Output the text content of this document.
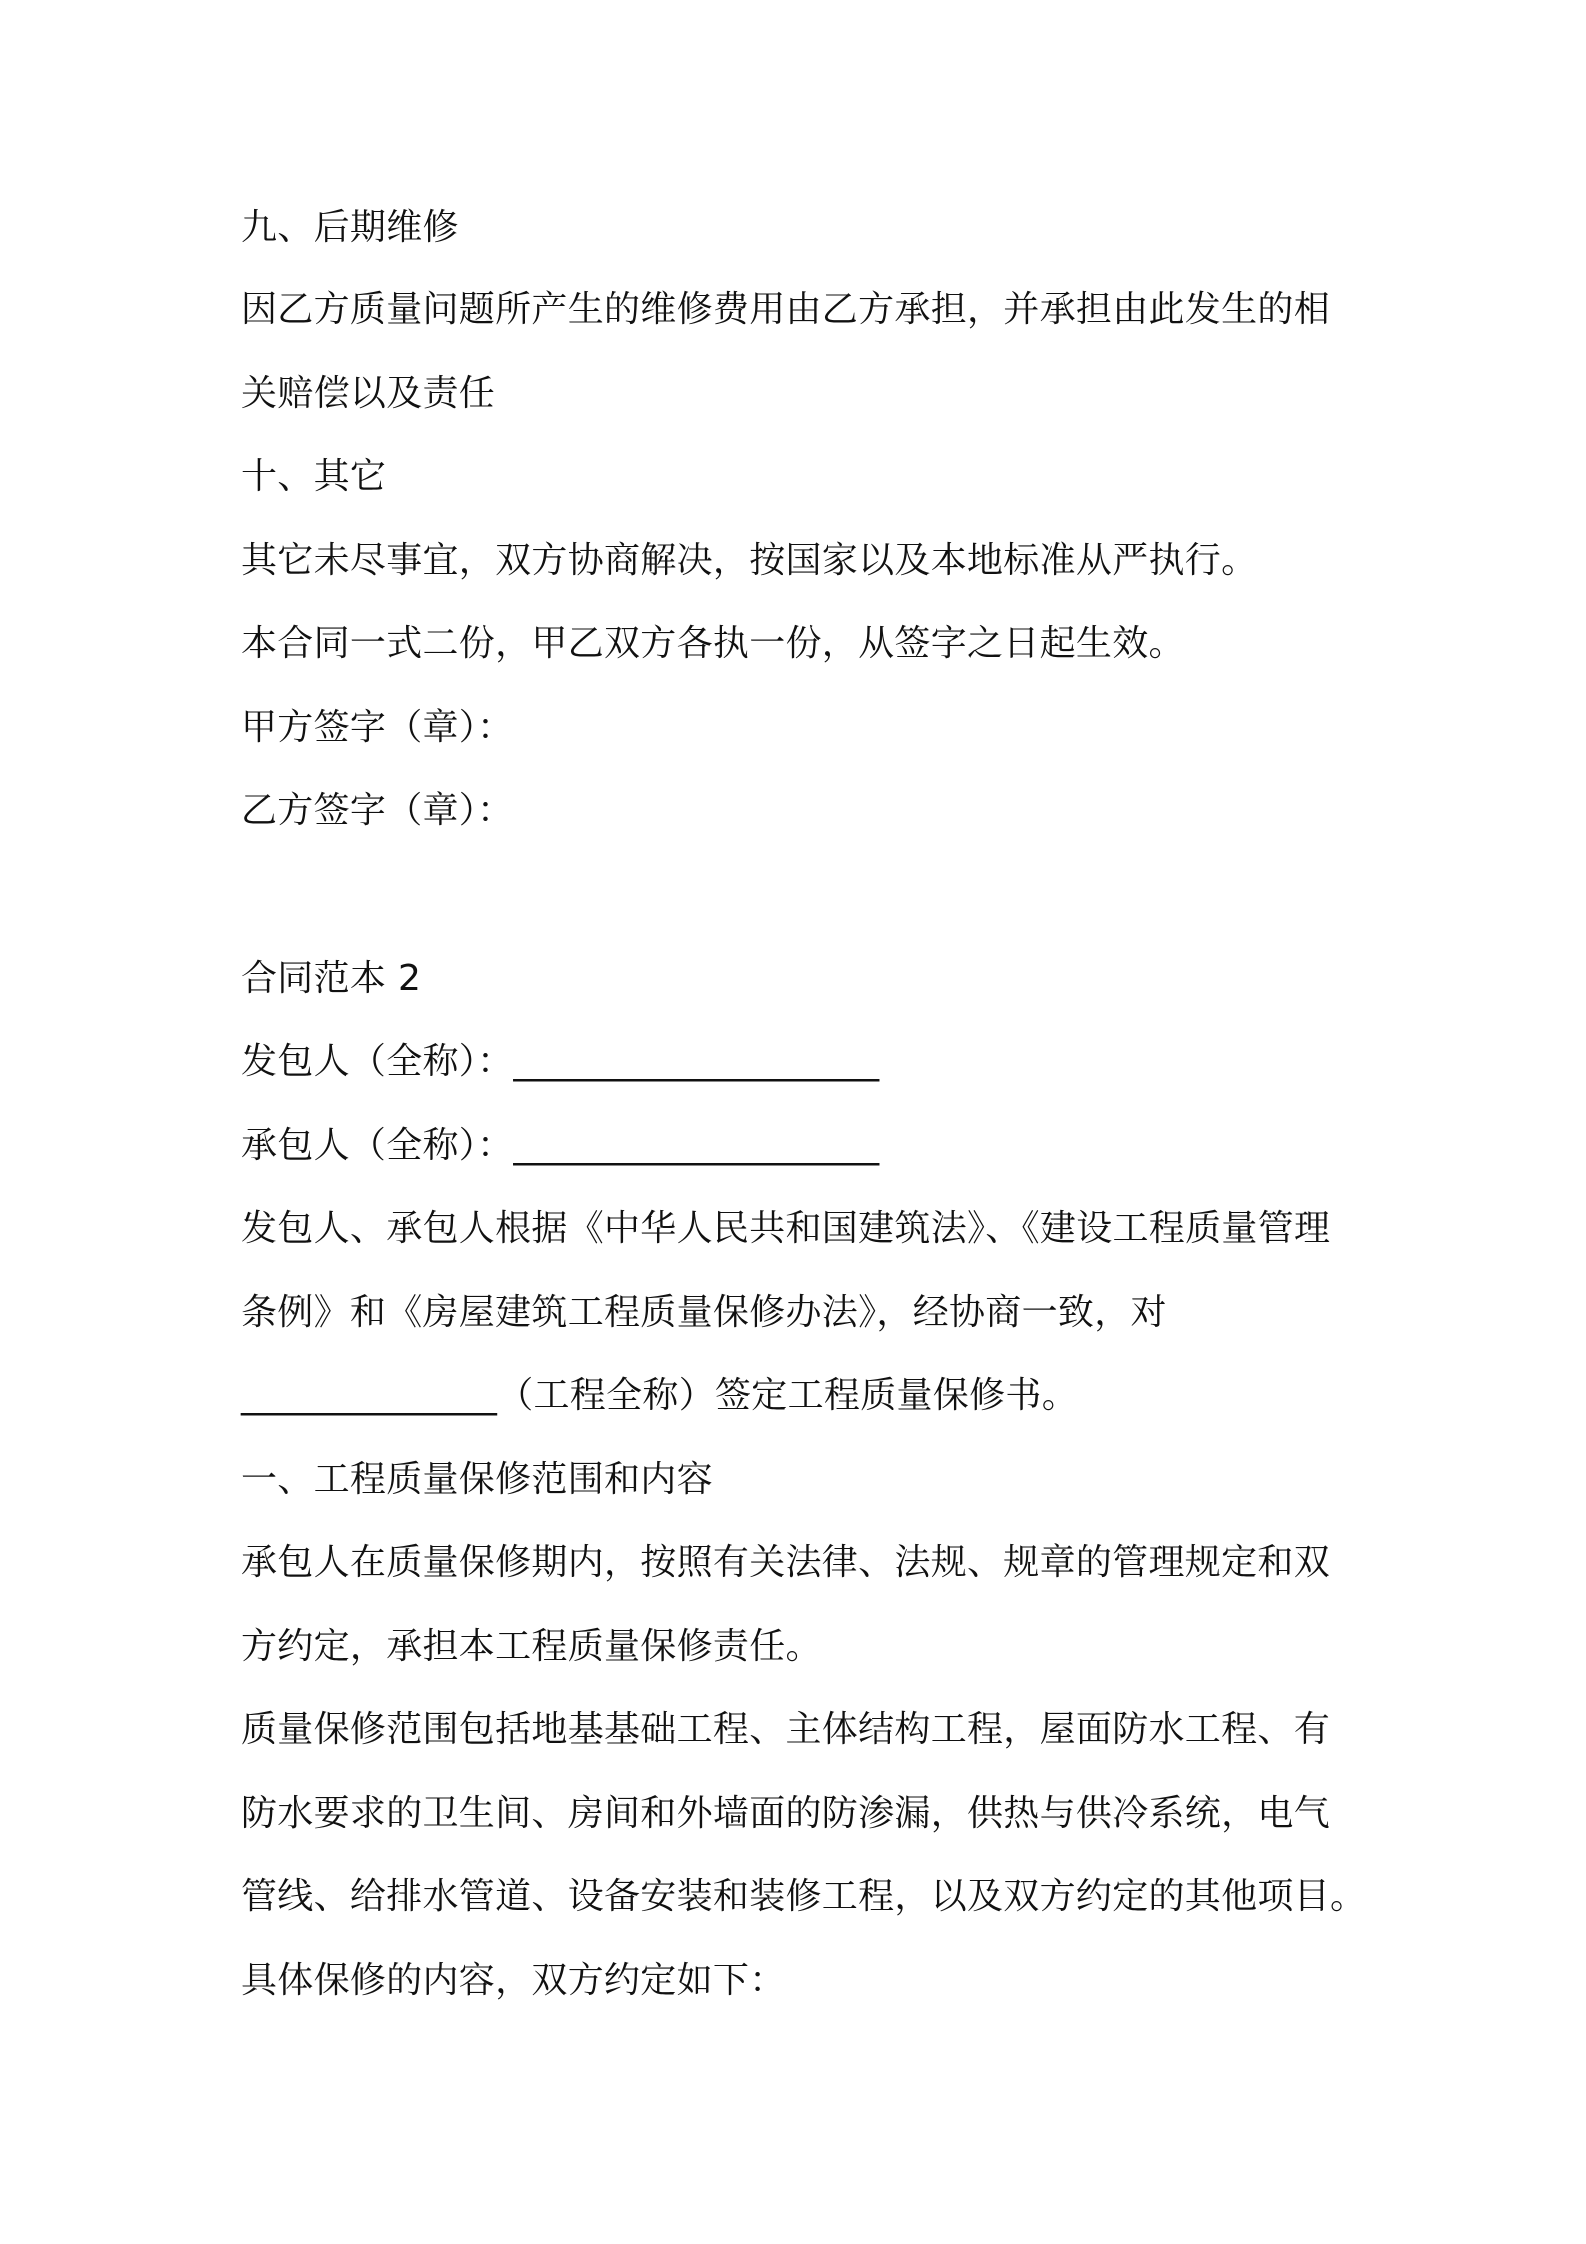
九、后期维修
因乙方质量问题所产生的维修费用由乙方承担，并承担由此发生的相
关赔偿以及责任
十、其它
其它未尽事宜，双方协商解决，按国家以及本地标准从严执行。
本合同一式二份，甲乙双方各执一份，从签字之日起生效。
甲方签字（章）：
乙方签字（章）：
合同范本 2
发包人（全称）：____________________
承包人（全称）：____________________
发包人、承包人根据《中华人民共和国建筑法》、《建设工程质量管理
条例》和《房屋建筑工程质量保修办法》，经协商一致，对
______________（工程全称）签定工程质量保修书。
一、工程质量保修范围和内容
承包人在质量保修期内，按照有关法律、法规、规章的管理规定和双
方约定，承担本工程质量保修责任。
质量保修范围包括地基基础工程、主体结构工程，屋面防水工程、有
防水要求的卫生间、房间和外墙面的防渗漏，供热与供冷系统，电气
管线、给排水管道、设备安装和装修工程，以及双方约定的其他项目。
具体保修的内容，双方约定如下：
